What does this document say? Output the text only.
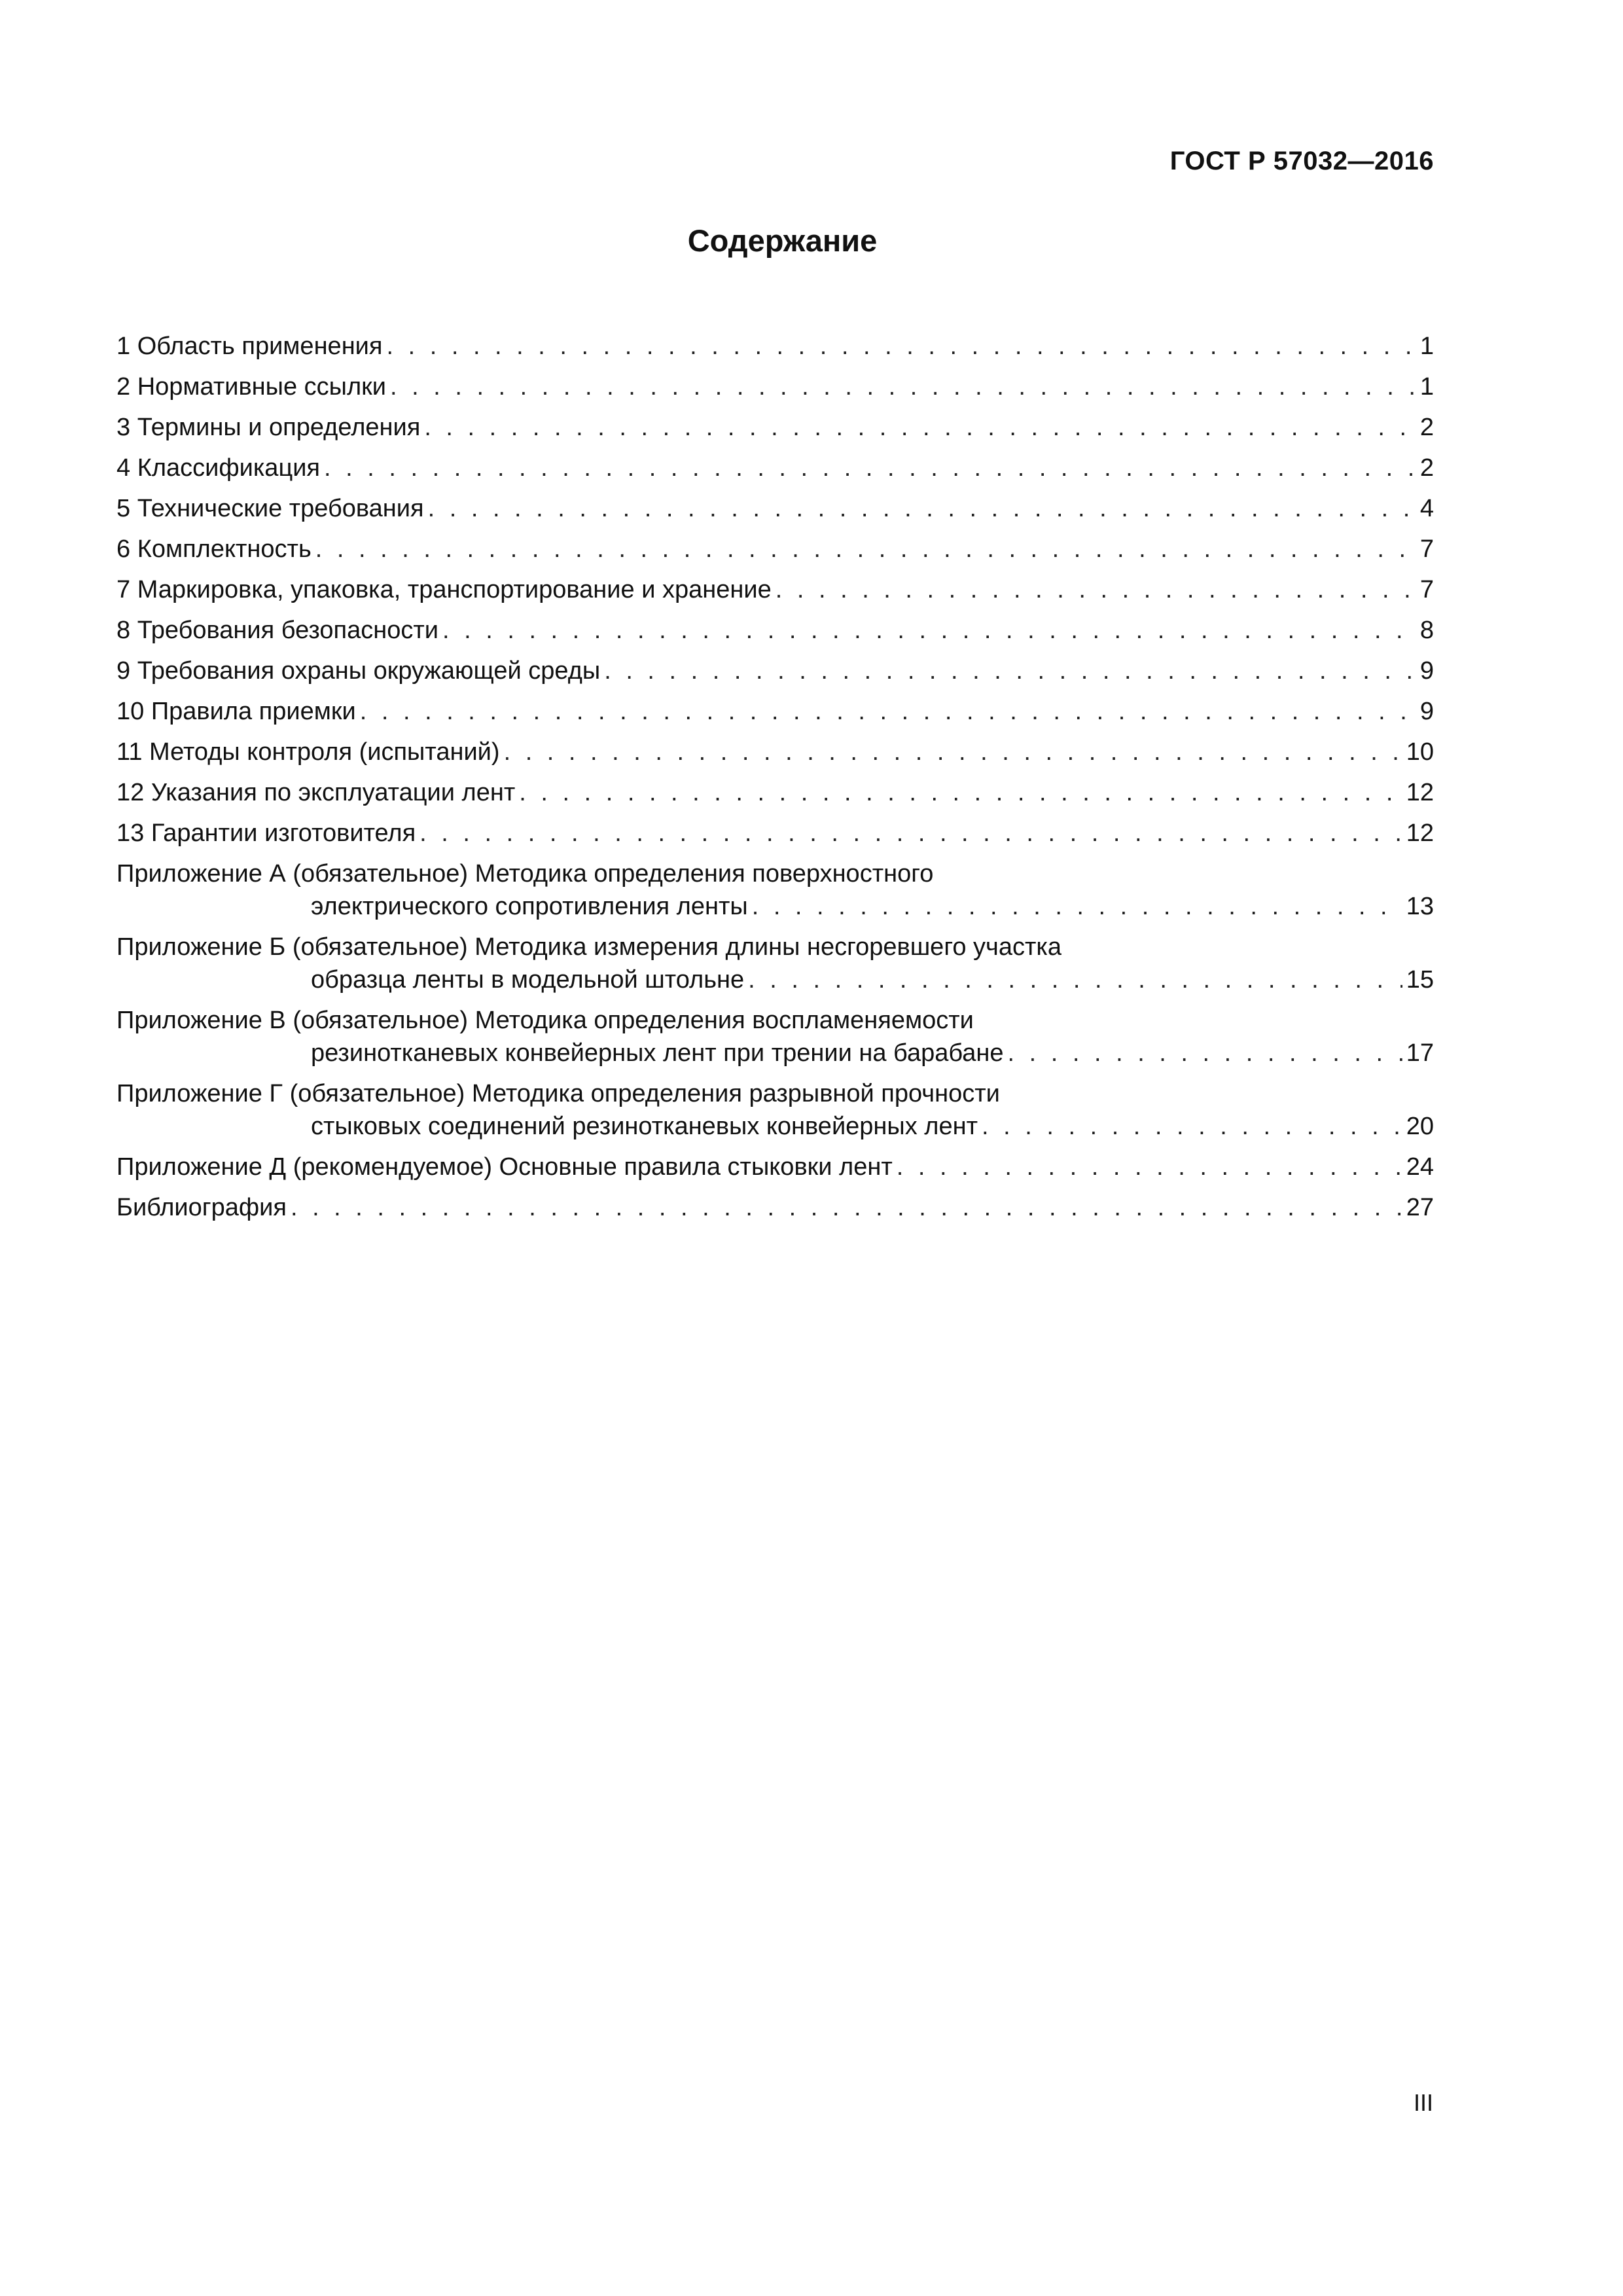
ГОСТ Р 57032—2016
Содержание
1 Область применения . . .	1
2 Нормативные ссылки . . .	1
3 Термины и определения . . .	2
4 Классификация . . .	2
5 Технические требования . . .	4
6 Комплектность . . .	7
7 Маркировка, упаковка, транспортирование и хранение . . .	7
8 Требования безопасности . . .	8
9 Требования охраны окружающей среды . . .	9
10 Правила приемки . . .	9
11 Методы контроля (испытаний) . . .	10
12 Указания по эксплуатации лент . . .	12
13 Гарантии изготовителя . . .	12
Приложение А (обязательное) Методика определения поверхностного
электрического сопротивления ленты . . .	13
Приложение Б (обязательное) Методика измерения длины несгоревшего участка
образца ленты в модельной штольне . . .	15
Приложение В (обязательное) Методика определения воспламеняемости
резинотканевых конвейерных лент при трении на барабане . . .	17
Приложение Г (обязательное) Методика определения разрывной прочности
стыковых соединений резинотканевых конвейерных лент . . .	20
Приложение Д (рекомендуемое) Основные правила стыковки лент . . .	24
Библиография . . .	27
III
